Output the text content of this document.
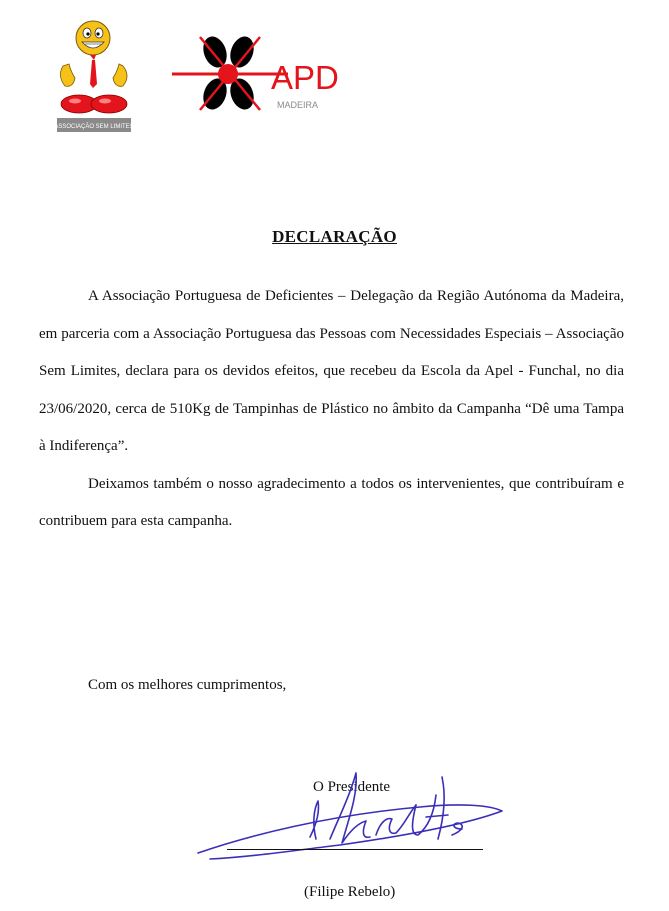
ASSOCIAÇÃO SEM LIMITES
APD
MADEIRA
DECLARAÇÃO

A Associação Portuguesa de Deficientes – Delegação da Região Autónoma da Madeira, em parceria com a Associação Portuguesa das Pessoas com Necessidades Especiais – Associação Sem Limites, declara para os devidos efeitos, que recebeu da Escola da Apel - Funchal, no dia 23/06/2020, cerca de 510Kg de Tampinhas de Plástico no âmbito da Campanha “Dê uma Tampa à Indiferença”.

Deixamos também o nosso agradecimento a todos os intervenientes, que contribuíram e contribuem para esta campanha.

Com os melhores cumprimentos,
O Presidente
(Filipe Rebelo)
